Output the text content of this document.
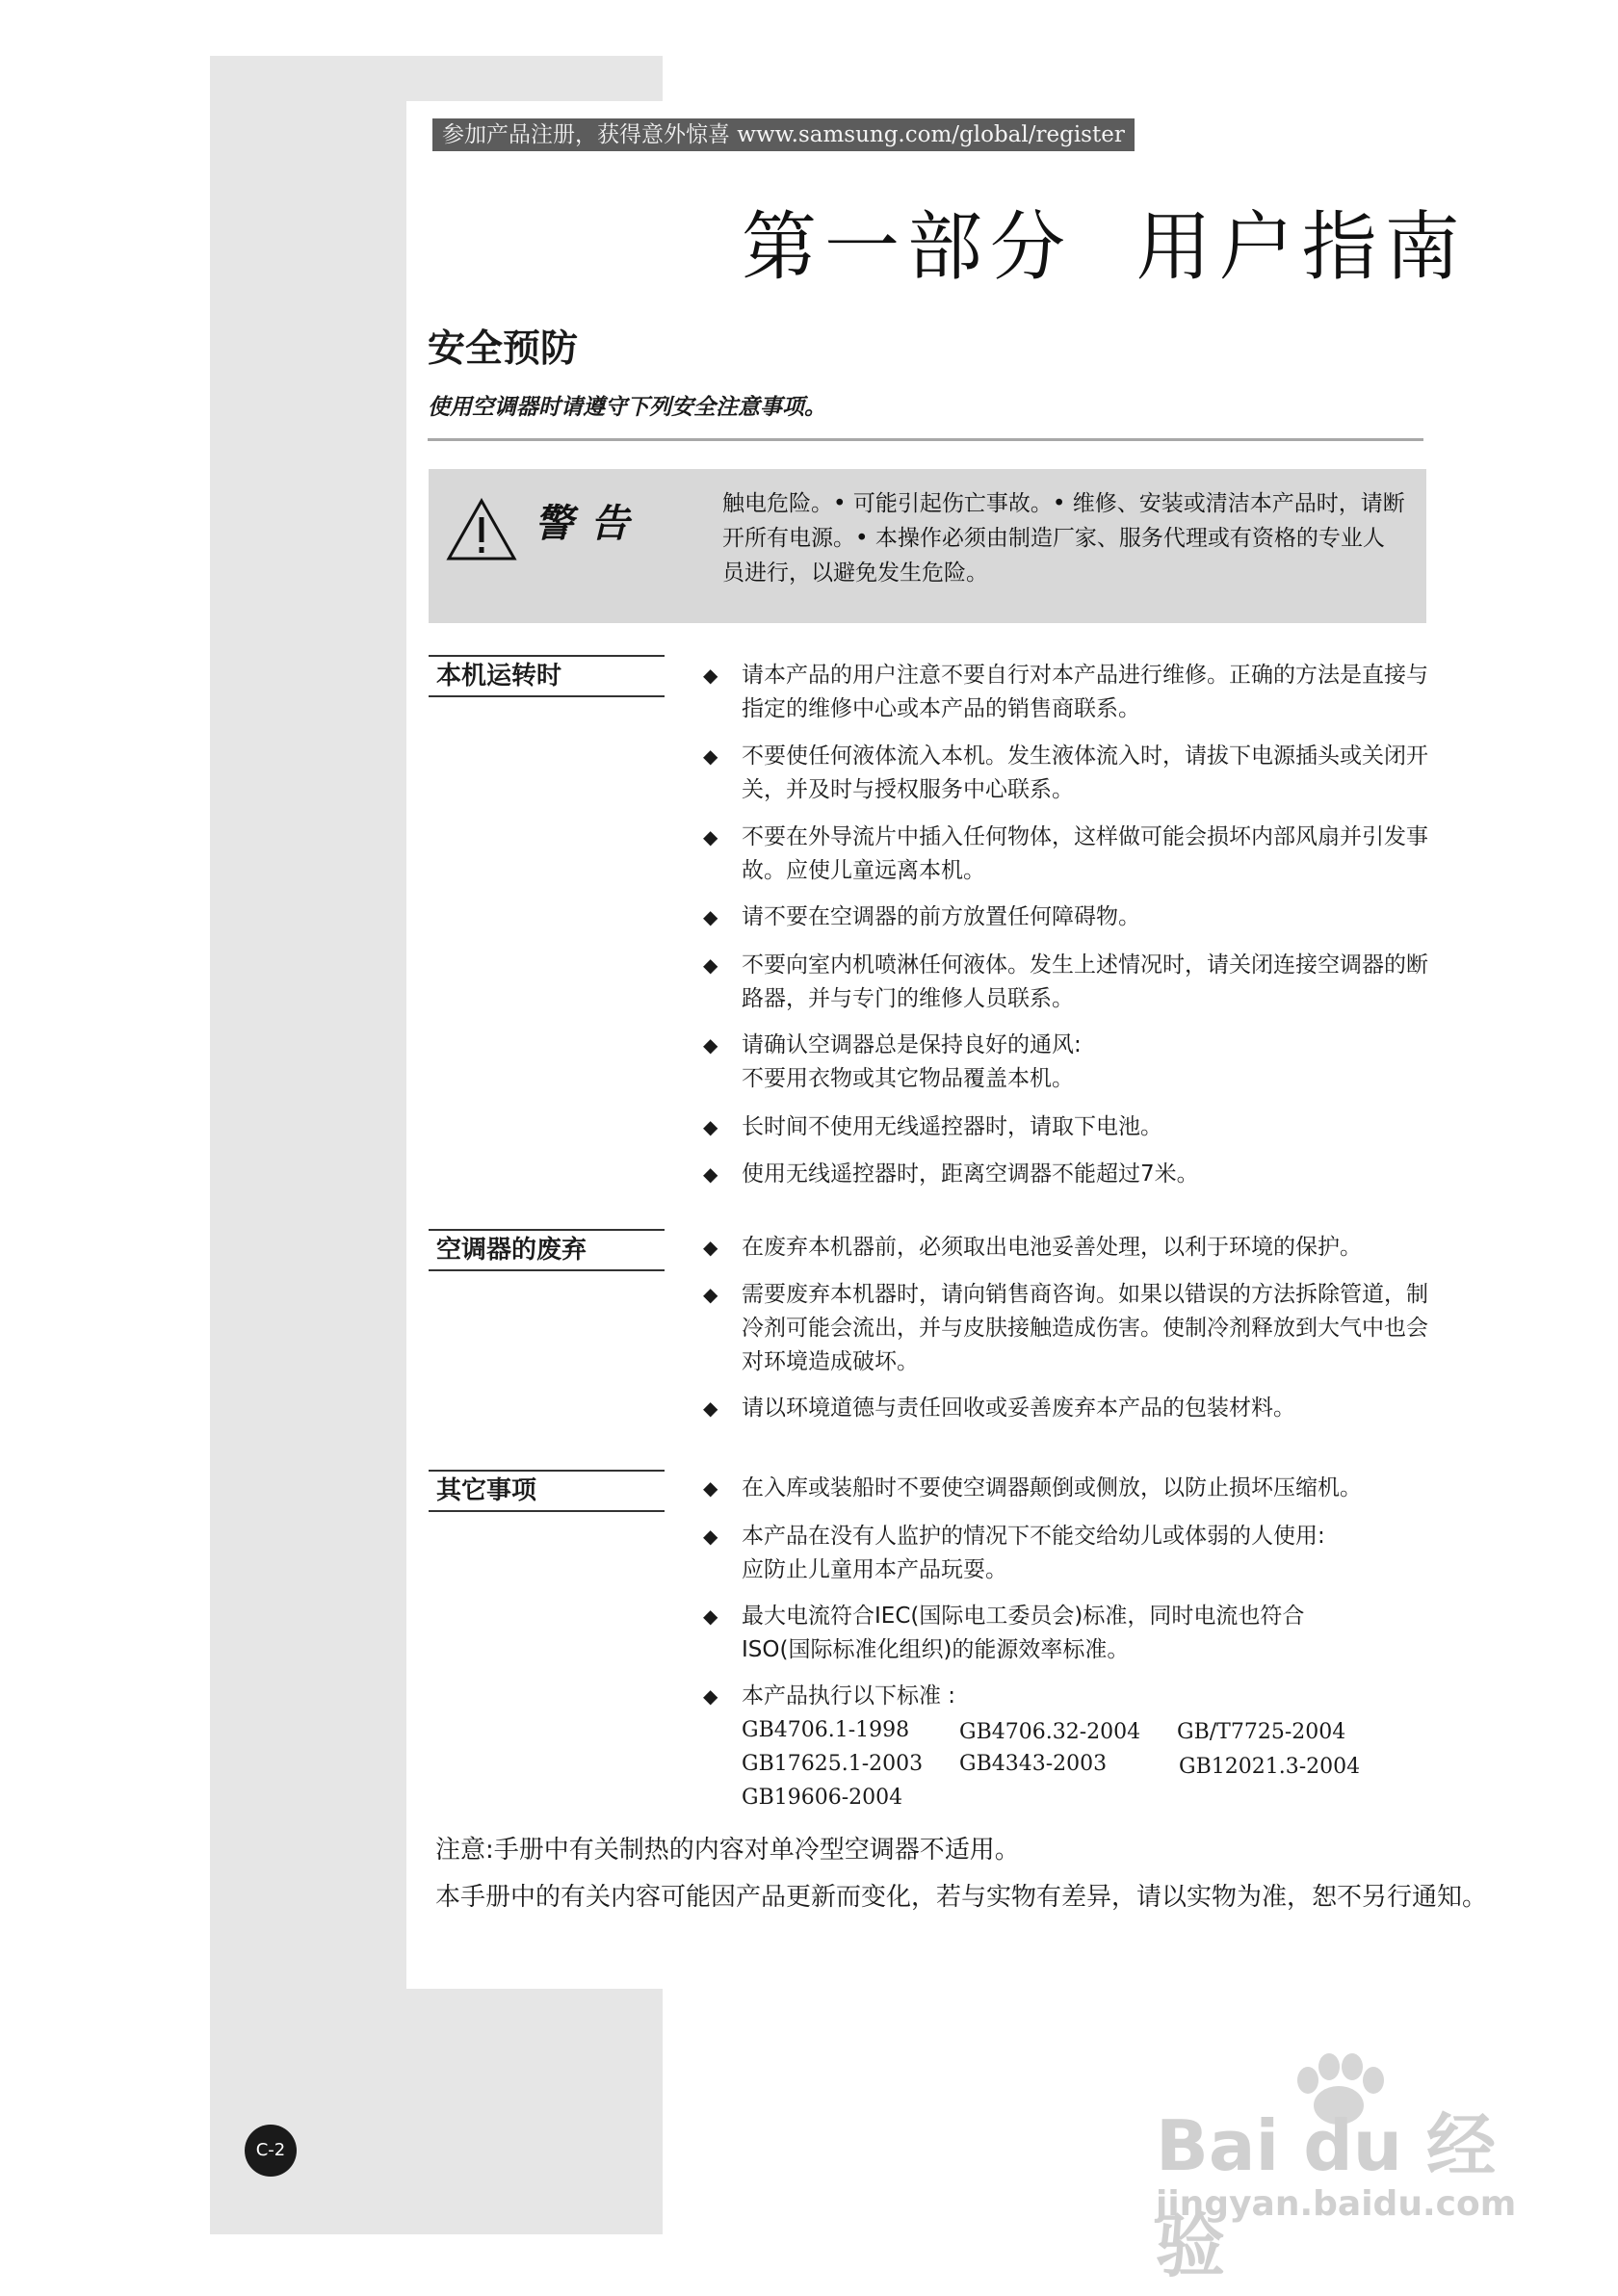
参加产品注册，获得意外惊喜 www.samsung.com/global/register
第一部分  用户指南
安全预防
使用空调器时请遵守下列安全注意事项。
警告	触电危险。• 可能引起伤亡事故。• 维修、安装或清洁本产品时，请断开所有电源。• 本操作必须由制造厂家、服务代理或有资格的专业人员进行，以避免发生危险。
本机运转时	◆ 请本产品的用户注意不要自行对本产品进行维修。正确的方法是直接与指定的维修中心或本产品的销售商联系。
◆ 不要使任何液体流入本机。发生液体流入时，请拔下电源插头或关闭开关，并及时与授权服务中心联系。
◆ 不要在外导流片中插入任何物体，这样做可能会损坏内部风扇并引发事故。应使儿童远离本机。
◆ 请不要在空调器的前方放置任何障碍物。
◆ 不要向室内机喷淋任何液体。发生上述情况时，请关闭连接空调器的断路器，并与专门的维修人员联系。
◆ 请确认空调器总是保持良好的通风:
不要用衣物或其它物品覆盖本机。
◆ 长时间不使用无线遥控器时，请取下电池。
◆ 使用无线遥控器时，距离空调器不能超过7米。
空调器的废弃	◆ 在废弃本机器前，必须取出电池妥善处理，以利于环境的保护。
◆ 需要废弃本机器时，请向销售商咨询。如果以错误的方法拆除管道，制冷剂可能会流出，并与皮肤接触造成伤害。使制冷剂释放到大气中也会对环境造成破坏。
◆ 请以环境道德与责任回收或妥善废弃本产品的包装材料。
其它事项	◆ 在入库或装船时不要使空调器颠倒或侧放，以防止损坏压缩机。
◆ 本产品在没有人监护的情况下不能交给幼儿或体弱的人使用:
应防止儿童用本产品玩耍。
◆ 最大电流符合IEC(国际电工委员会)标准，同时电流也符合
ISO(国际标准化组织)的能源效率标准。
◆ 本产品执行以下标准 :
GB4706.1-1998 GB4706.32-2004 GB/T7725-2004
GB17625.1-2003 GB4343-2003	GB12021.3-2004
GB19606-2004
注意:手册中有关制热的内容对单冷型空调器不适用。
本手册中的有关内容可能因产品更新而变化，若与实物有差异，请以实物为准，恕不另行通知。
C-2	Bai du 经验
jingyan.baidu.com
